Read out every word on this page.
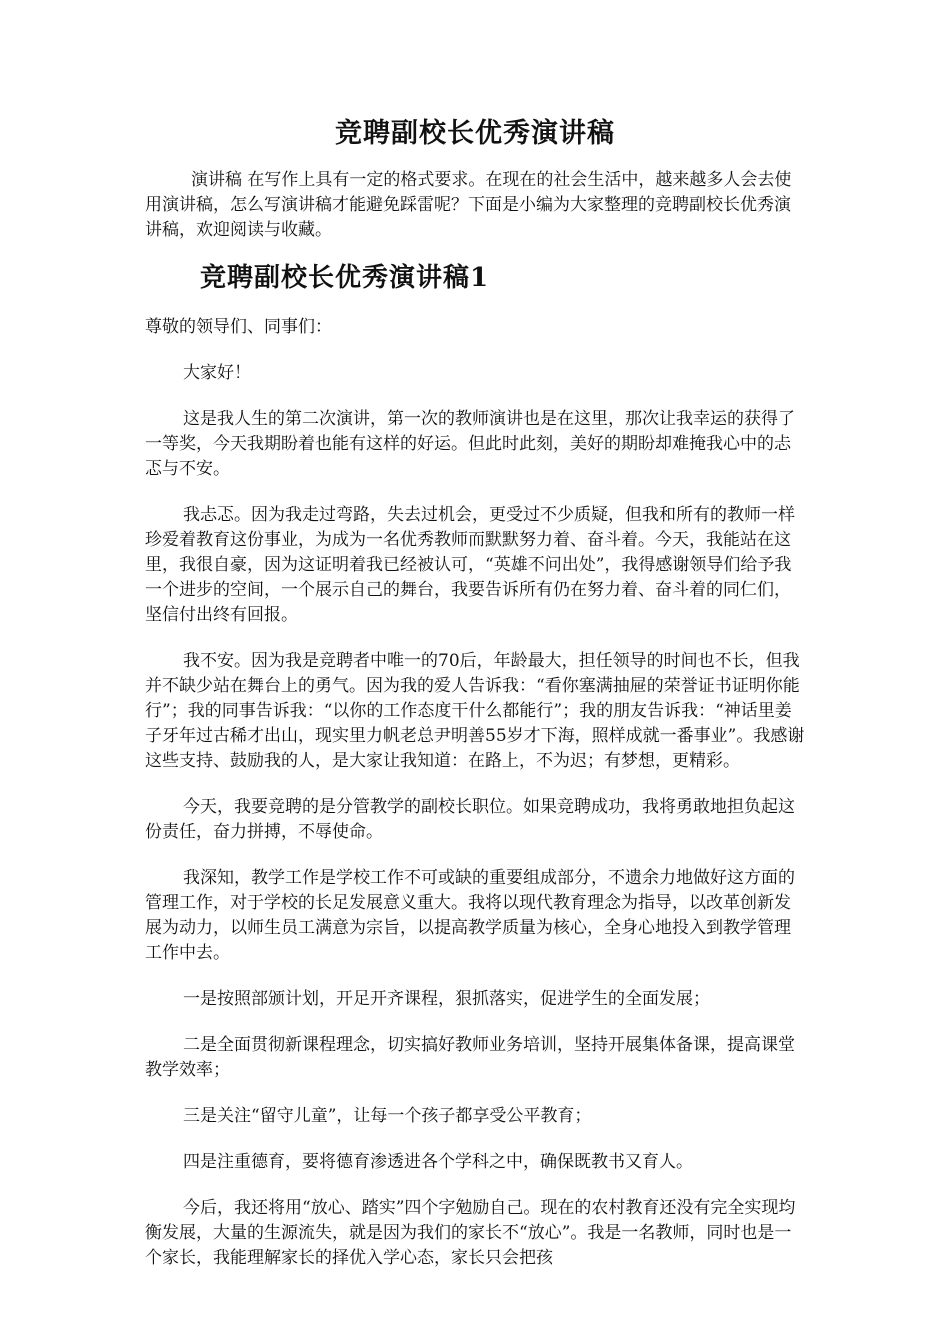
竞聘副校长优秀演讲稿

演讲稿 在写作上具有一定的格式要求。在现在的社会生活中，越来越多人会去使用演讲稿，怎么写演讲稿才能避免踩雷呢？下面是小编为大家整理的竞聘副校长优秀演讲稿，欢迎阅读与收藏。

竞聘副校长优秀演讲稿1

尊敬的领导们、同事们：

大家好！

这是我人生的第二次演讲，第一次的教师演讲也是在这里，那次让我幸运的获得了一等奖，今天我期盼着也能有这样的好运。但此时此刻，美好的期盼却难掩我心中的忐忑与不安。

我忐忑。因为我走过弯路，失去过机会，更受过不少质疑，但我和所有的教师一样珍爱着教育这份事业，为成为一名优秀教师而默默努力着、奋斗着。今天，我能站在这里，我很自豪，因为这证明着我已经被认可，“英雄不问出处”，我得感谢领导们给予我一个进步的空间，一个展示自己的舞台，我要告诉所有仍在努力着、奋斗着的同仁们，坚信付出终有回报。

我不安。因为我是竞聘者中唯一的70后，年龄最大，担任领导的时间也不长，但我并不缺少站在舞台上的勇气。因为我的爱人告诉我：“看你塞满抽屉的荣誉证书证明你能行”；我的同事告诉我：“以你的工作态度干什么都能行”；我的朋友告诉我：“神话里姜子牙年过古稀才出山，现实里力帆老总尹明善55岁才下海，照样成就一番事业”。我感谢这些支持、鼓励我的人，是大家让我知道：在路上，不为迟；有梦想，更精彩。

今天，我要竞聘的是分管教学的副校长职位。如果竞聘成功，我将勇敢地担负起这份责任，奋力拼搏，不辱使命。

我深知，教学工作是学校工作不可或缺的重要组成部分，不遗余力地做好这方面的管理工作，对于学校的长足发展意义重大。我将以现代教育理念为指导，以改革创新发展为动力，以师生员工满意为宗旨，以提高教学质量为核心，全身心地投入到教学管理工作中去。

一是按照部颁计划，开足开齐课程，狠抓落实，促进学生的全面发展；

二是全面贯彻新课程理念，切实搞好教师业务培训，坚持开展集体备课，提高课堂教学效率；

三是关注“留守儿童”，让每一个孩子都享受公平教育；

四是注重德育，要将德育渗透进各个学科之中，确保既教书又育人。

今后，我还将用“放心、踏实”四个字勉励自己。现在的农村教育还没有完全实现均衡发展，大量的生源流失，就是因为我们的家长不“放心”。我是一名教师，同时也是一个家长，我能理解家长的择优入学心态，家长只会把孩
